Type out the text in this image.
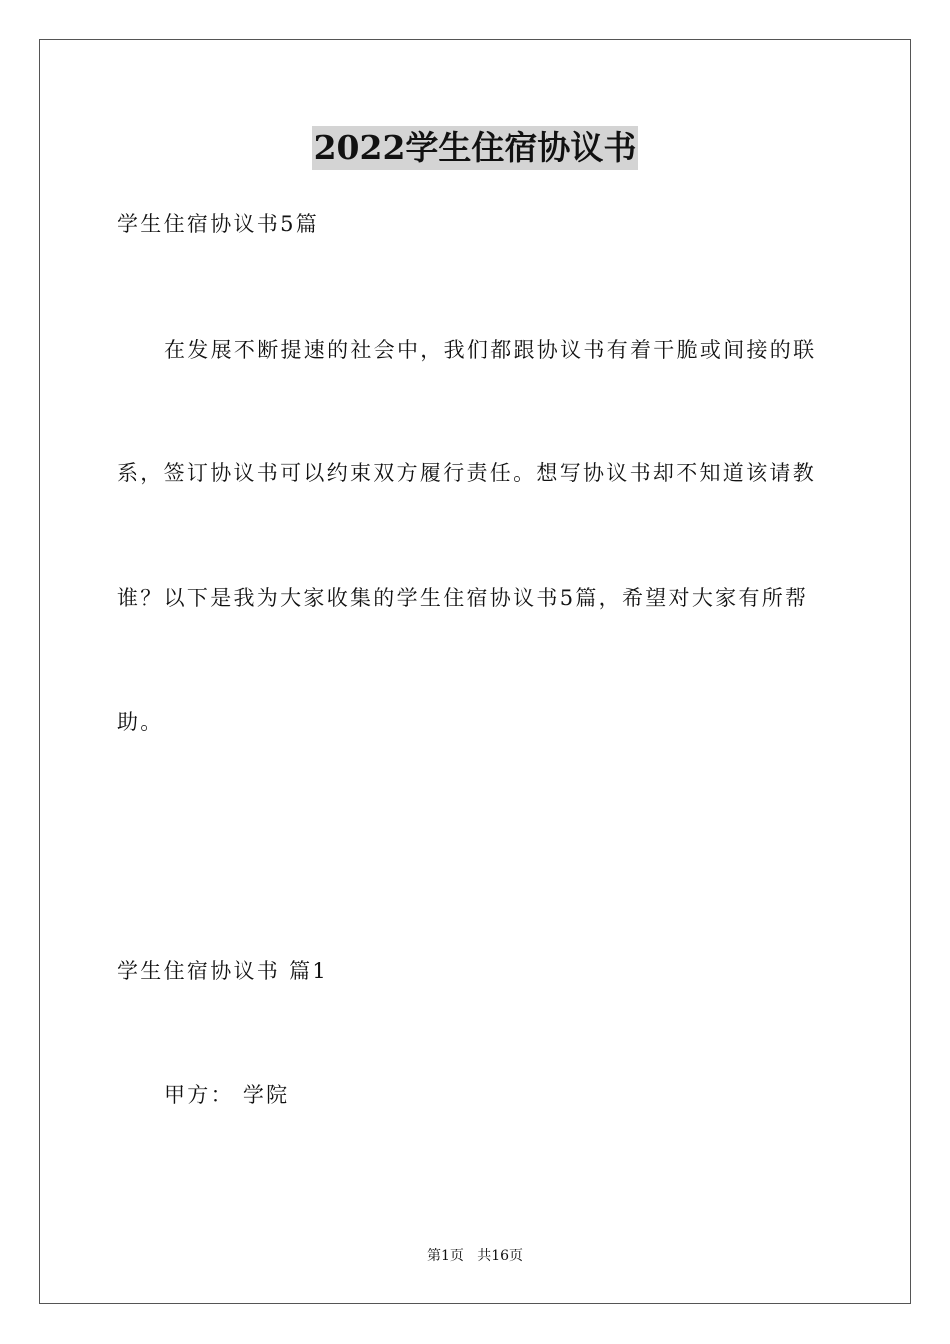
2022学生住宿协议书
学生住宿协议书5篇
在发展不断提速的社会中，我们都跟协议书有着干脆或间接的联
系，签订协议书可以约束双方履行责任。想写协议书却不知道该请教
谁？以下是我为大家收集的学生住宿协议书5篇，希望对大家有所帮
助。
学生住宿协议书 篇1
甲方： 学院
第1页   共16页
